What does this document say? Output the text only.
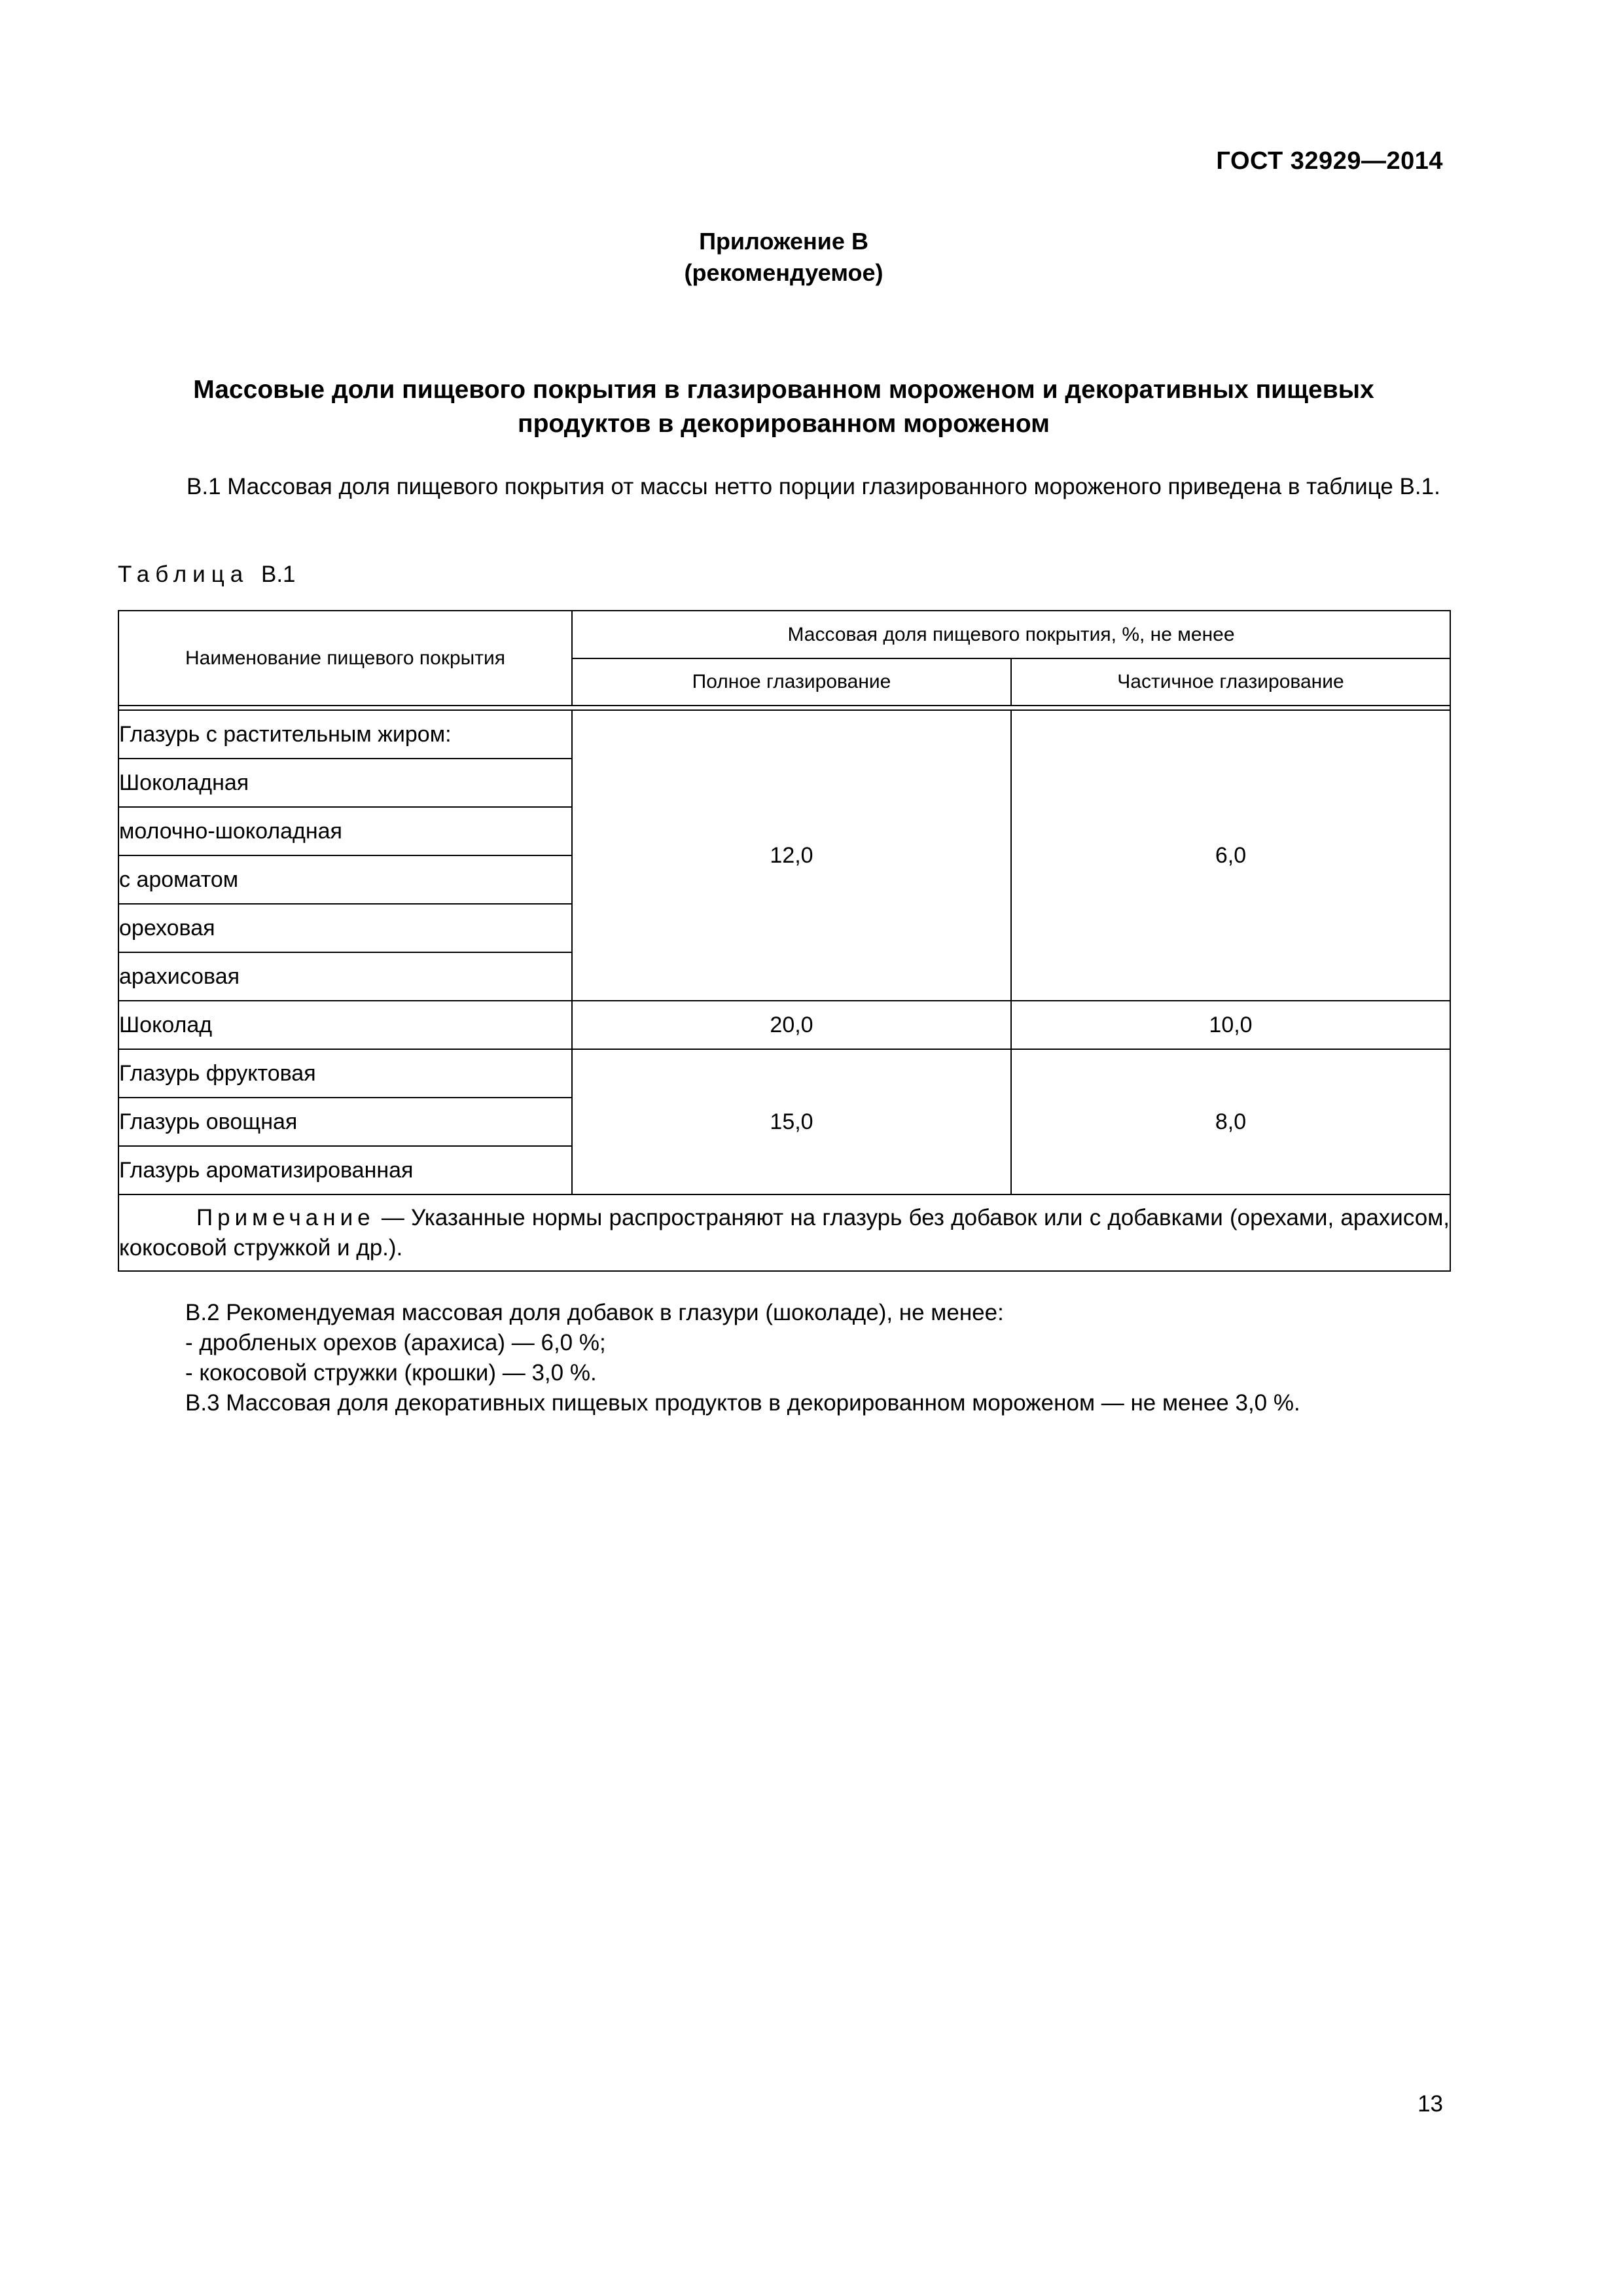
ГОСТ 32929—2014
Приложение В
(рекомендуемое)
Массовые доли пищевого покрытия в глазированном мороженом и декоративных пищевых
продуктов в декорированном мороженом
В.1 Массовая доля пищевого покрытия от массы нетто порции глазированного мороженого приведена в таблице В.1.
Таблица В.1
Наименование пищевого покрытия	Массовая доля пищевого покрытия, %, не менее	
	Полное глазирование	Частичное глазирование

Глазурь с растительным жиром:	12,0	6,0
Шоколадная		
молочно-шоколадная		
с ароматом		
ореховая		
арахисовая		
Шоколад	20,0	10,0
Глазурь фруктовая	15,0	8,0
Глазурь овощная		
Глазурь ароматизированная		
Примечание — Указанные нормы распространяют на глазурь без добавок или с добавками (орехами, арахисом, кокосовой стружкой и др.).		
В.2 Рекомендуемая массовая доля добавок в глазури (шоколаде), не менее:
- дробленых орехов (арахиса) — 6,0 %;
- кокосовой стружки (крошки) — 3,0 %.
В.3 Массовая доля декоративных пищевых продуктов в декорированном мороженом — не менее 3,0 %.
13
